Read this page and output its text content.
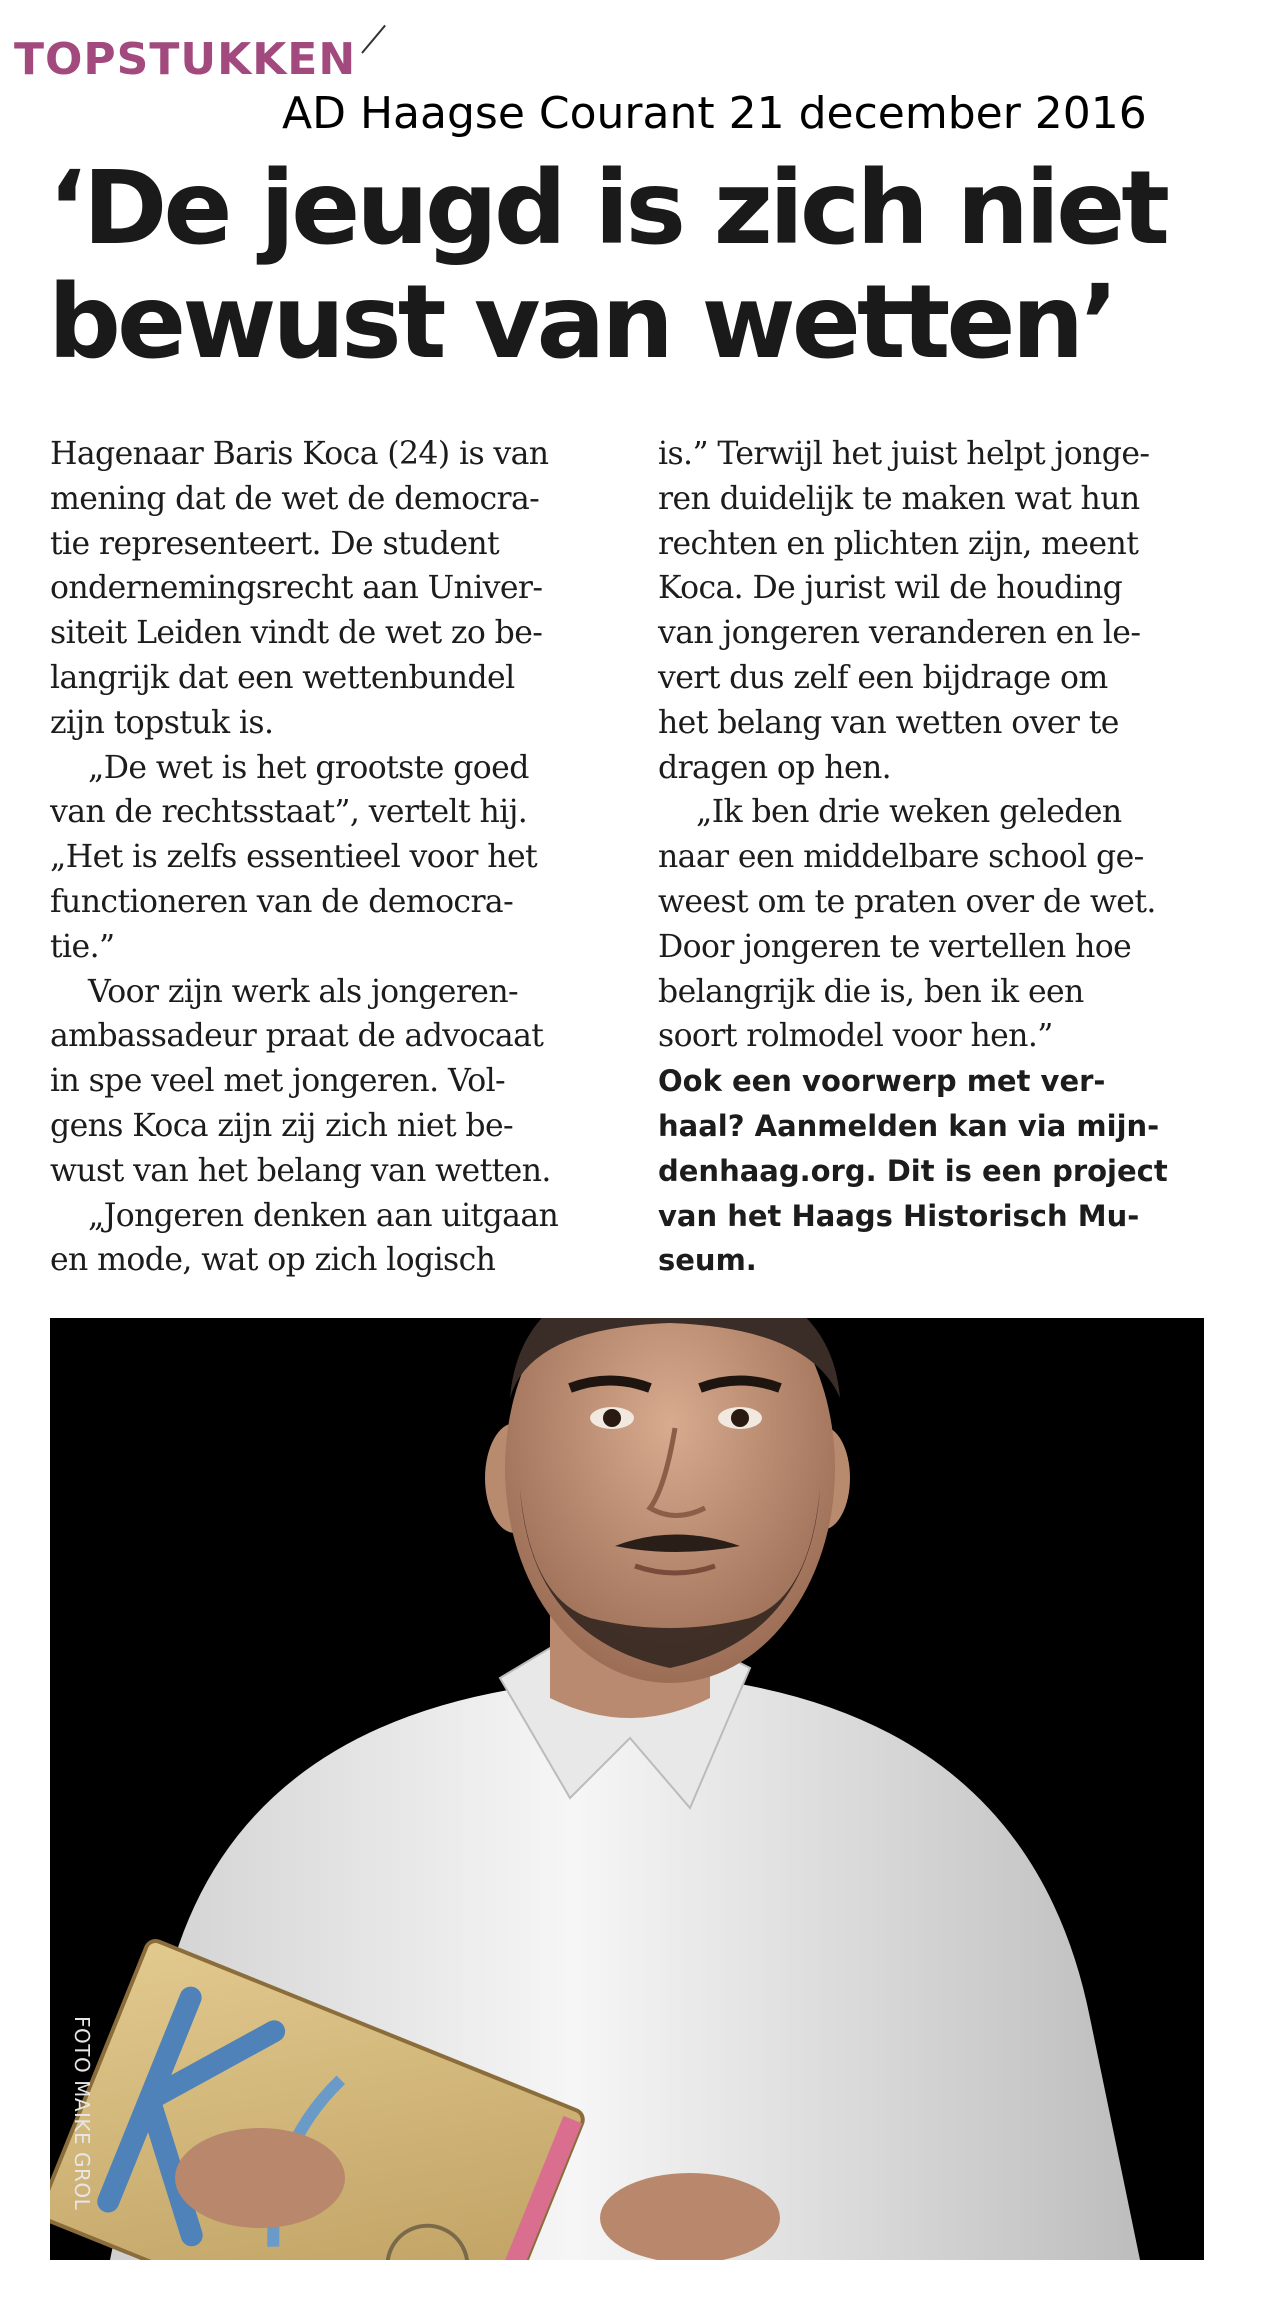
TOPSTUKKEN
AD Haagse Courant 21 december 2016
‘De jeugd is zich niet
bewust van wetten’
Hagenaar Baris Koca (24) is van
mening dat de wet de democra-
tie representeert. De student
ondernemingsrecht aan Univer-
siteit Leiden vindt de wet zo be-
langrijk dat een wettenbundel
zijn topstuk is.
„De wet is het grootste goed
van de rechtsstaat”, vertelt hij.
„Het is zelfs essentieel voor het
functioneren van de democra-
tie.”
Voor zijn werk als jongeren-
ambassadeur praat de advocaat
in spe veel met jongeren. Vol-
gens Koca zijn zij zich niet be-
wust van het belang van wetten.
„Jongeren denken aan uitgaan
en mode, wat op zich logisch
is.” Terwijl het juist helpt jonge-
ren duidelijk te maken wat hun
rechten en plichten zijn, meent
Koca. De jurist wil de houding
van jongeren veranderen en le-
vert dus zelf een bijdrage om
het belang van wetten over te
dragen op hen.
„Ik ben drie weken geleden
naar een middelbare school ge-
weest om te praten over de wet.
Door jongeren te vertellen hoe
belangrijk die is, ben ik een
soort rolmodel voor hen.”
Ook een voorwerp met ver-
haal? Aanmelden kan via mijn-
denhaag.org. Dit is een project
van het Haags Historisch Mu-
seum.
FOTO MAIKE GROL
